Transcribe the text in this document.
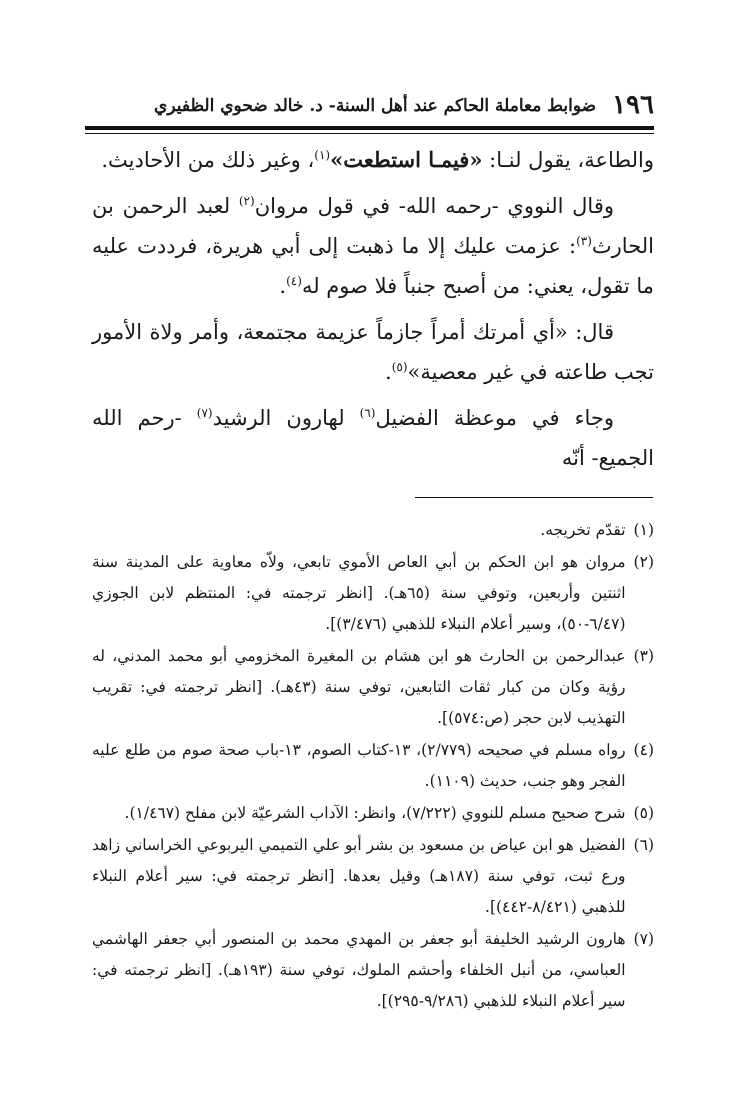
١٩٦
ضوابط معاملة الحاكم عند أهل السنة- د. خالد ضحوي الظفيري

والطاعة، يقول لنـا: «فيمـا استطعت»$^{(١)}$، وغير ذلك من الأحاديث.

وقال النووي -رحمه الله- في قول مروان$^{(٢)}$ لعبد الرحمن بن الحارث$^{(٣)}$: عزمت عليك إلا ما ذهبت إلى أبي هريرة، فرددت عليه ما تقول، يعني: من أصبح جنباً فلا صوم له$^{(٤)}$.

قال: «أي أمرتك أمراً جازماً عزيمة مجتمعة، وأمر ولاة الأمور تجب طاعته في غير معصية»$^{(٥)}$.

وجاء في موعظة الفضيل$^{(٦)}$ لهارون الرشيد$^{(٧)}$ -رحم الله الجميع- أنّه

(١)
تقدّم تخريجه.
(٢)
مروان هو ابن الحكم بن أبي العاص الأموي تابعي، ولاّه معاوية على المدينة سنة اثنتين وأربعين، وتوفي سنة (٦٥هـ). [انظر ترجمته في: المنتظم لابن الجوزي (٦/٤٧-٥٠)، وسير أعلام النبلاء للذهبي (٣/٤٧٦)].
(٣)
عبدالرحمن بن الحارث هو ابن هشام بن المغيرة المخزومي أبو محمد المدني، له رؤية وكان من كبار ثقات التابعين، توفي سنة (٤٣هـ). [انظر ترجمته في: تقريب التهذيب لابن حجر (ص:٥٧٤)].
(٤)
رواه مسلم في صحيحه (٢/٧٧٩)، ١٣-كتاب الصوم، ١٣-باب صحة صوم من طلع عليه الفجر وهو جنب، حديث (١١٠٩).
(٥)
شرح صحيح مسلم للنووي (٧/٢٢٢)، وانظر: الآداب الشرعيّة لابن مفلح (١/٤٦٧).
(٦)
الفضيل هو ابن عياض بن مسعود بن بشر أبو علي التميمي اليربوعي الخراساني زاهد ورع ثبت، توفي سنة (١٨٧هـ) وقيل بعدها. [انظر ترجمته في: سير أعلام النبلاء للذهبي (٨/٤٢١-٤٤٢)].
(٧)
هارون الرشيد الخليفة أبو جعفر بن المهدي محمد بن المنصور أبي جعفر الهاشمي العباسي، من أنبل الخلفاء وأحشم الملوك، توفي سنة (١٩٣هـ). [انظر ترجمته في: سير أعلام النبلاء للذهبي (٩/٢٨٦-٢٩٥)].
